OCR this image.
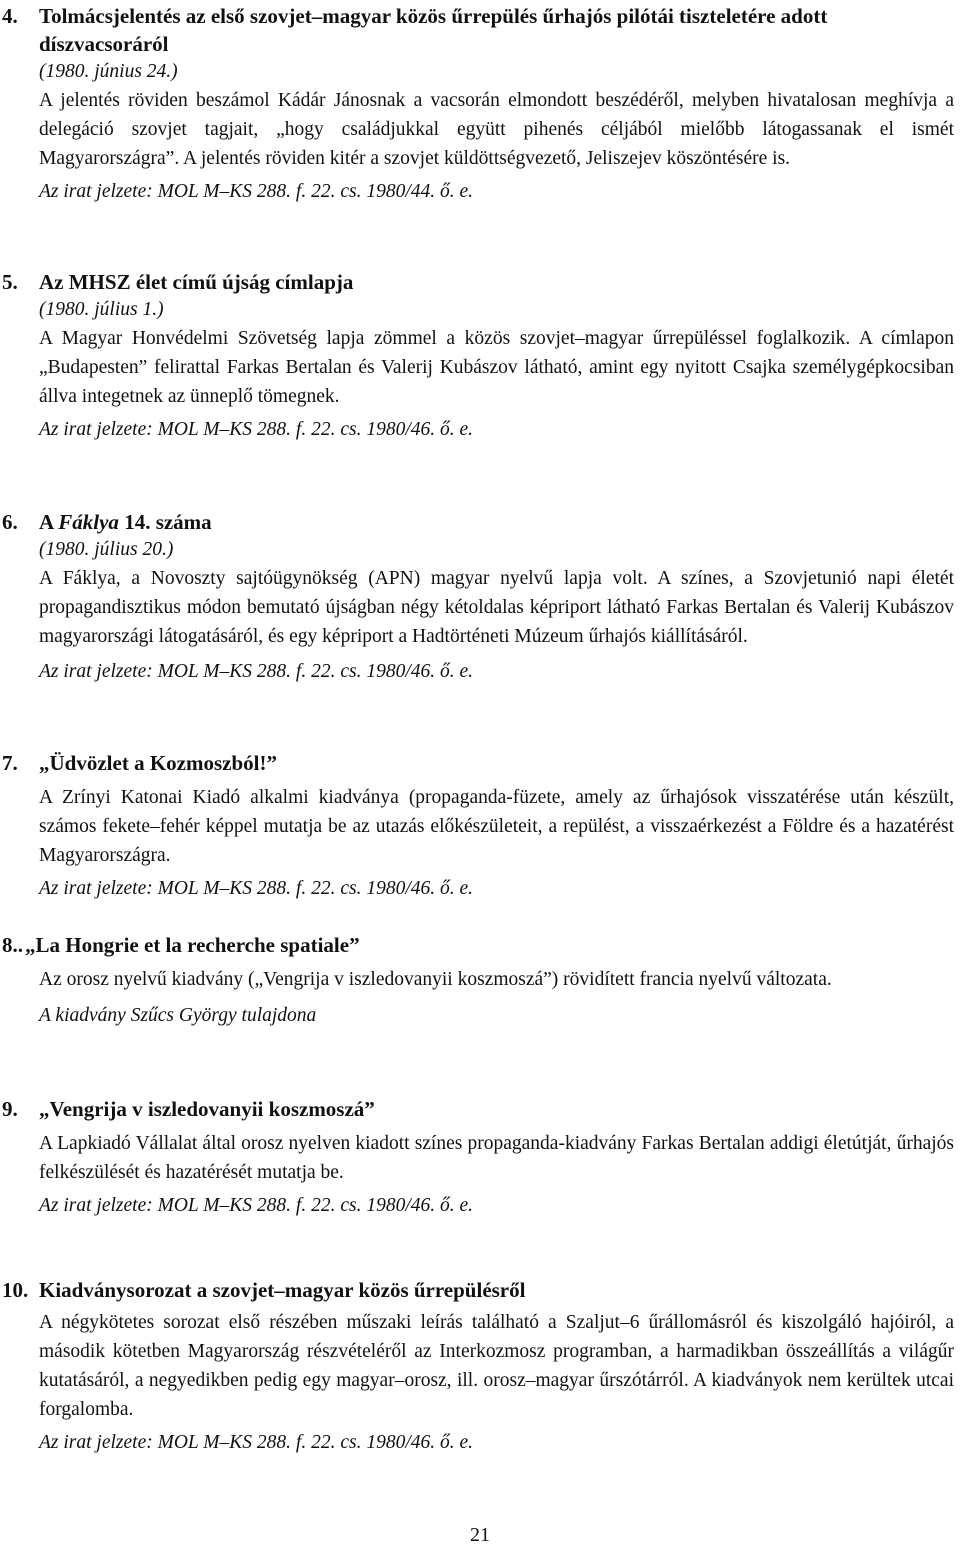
4. Tolmácsjelentés az első szovjet–magyar közös űrrepülés űrhajós pilótái tiszteletére adott díszvacsoráról
(1980. június 24.)
A jelentés röviden beszámol Kádár Jánosnak a vacsorán elmondott beszédéről, melyben hivatalosan meghívja a delegáció szovjet tagjait, „hogy családjukkal együtt pihenés céljából mielőbb látogassanak el ismét Magyarországra”. A jelentés röviden kitér a szovjet küldöttségvezető, Jeliszejev köszöntésére is.
Az irat jelzete: MOL M–KS 288. f. 22. cs. 1980/44. ő. e.
5. Az MHSZ élet című újság címlapja
(1980. július 1.)
A Magyar Honvédelmi Szövetség lapja zömmel a közös szovjet–magyar űrrepüléssel foglalkozik. A címlapon „Budapesten” felirattal Farkas Bertalan és Valerij Kubászov látható, amint egy nyitott Csajka személygépkocsiban állva integetnek az ünneplő tömegnek.
Az irat jelzete: MOL M–KS 288. f. 22. cs. 1980/46. ő. e.
6. A Fáklya 14. száma
(1980. július 20.)
A Fáklya, a Novoszty sajtóügynökség (APN) magyar nyelvű lapja volt. A színes, a Szovjetunió napi életét propagandisztikus módon bemutató újságban négy kétoldalas képriport látható Farkas Bertalan és Valerij Kubászov magyarországi látogatásáról, és egy képriport a Hadtörténeti Múzeum űrhajós kiállításáról.
Az irat jelzete: MOL M–KS 288. f. 22. cs. 1980/46. ő. e.
7. „Üdvözlet a Kozmoszból!”
A Zrínyi Katonai Kiadó alkalmi kiadványa (propaganda-füzete, amely az űrhajósok visszatérése után készült, számos fekete–fehér képpel mutatja be az utazás előkészületeit, a repülést, a visszaérkezést a Földre és a hazatérést Magyarországra.
Az irat jelzete: MOL M–KS 288. f. 22. cs. 1980/46. ő. e.
8.. „La Hongrie et la recherche spatiale”
Az orosz nyelvű kiadvány („Vengrija v iszledovanyii koszmoszá”) rövidített francia nyelvű változata.
A kiadvány Szűcs György tulajdona
9. „Vengrija v iszledovanyii koszmoszá”
A Lapkiadó Vállalat által orosz nyelven kiadott színes propaganda-kiadvány Farkas Bertalan addigi életútját, űrhajós felkészülését és hazatérését mutatja be.
Az irat jelzete: MOL M–KS 288. f. 22. cs. 1980/46. ő. e.
10. Kiadványsorozat a szovjet–magyar közös űrrepülésről
A négykötetes sorozat első részében műszaki leírás található a Szaljut–6 űrállomásról és kiszolgáló hajóiról, a második kötetben Magyarország részvételéről az Interkozmosz programban, a harmadikban összeállítás a világűr kutatásáról, a negyedikben pedig egy magyar–orosz, ill. orosz–magyar űrszótárról. A kiadványok nem kerültek utcai forgalomba.
Az irat jelzete: MOL M–KS 288. f. 22. cs. 1980/46. ő. e.
21
